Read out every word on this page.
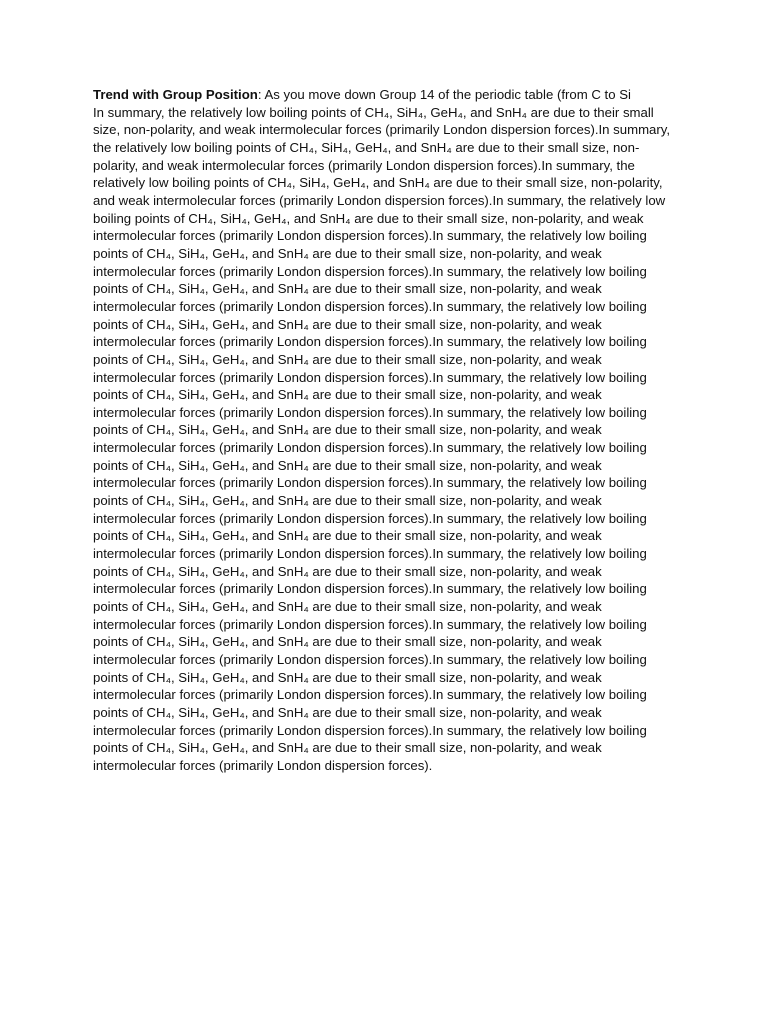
Trend with Group Position: As you move down Group 14 of the periodic table (from C to Si
In summary, the relatively low boiling points of CH₄, SiH₄, GeH₄, and SnH₄ are due to their small size, non-polarity, and weak intermolecular forces (primarily London dispersion forces).In summary, the relatively low boiling points of CH₄, SiH₄, GeH₄, and SnH₄ are due to their small size, non-polarity, and weak intermolecular forces (primarily London dispersion forces).In summary, the relatively low boiling points of CH₄, SiH₄, GeH₄, and SnH₄ are due to their small size, non-polarity, and weak intermolecular forces (primarily London dispersion forces).In summary, the relatively low boiling points of CH₄, SiH₄, GeH₄, and SnH₄ are due to their small size, non-polarity, and weak intermolecular forces (primarily London dispersion forces).In summary, the relatively low boiling points of CH₄, SiH₄, GeH₄, and SnH₄ are due to their small size, non-polarity, and weak intermolecular forces (primarily London dispersion forces).In summary, the relatively low boiling points of CH₄, SiH₄, GeH₄, and SnH₄ are due to their small size, non-polarity, and weak intermolecular forces (primarily London dispersion forces).In summary, the relatively low boiling points of CH₄, SiH₄, GeH₄, and SnH₄ are due to their small size, non-polarity, and weak intermolecular forces (primarily London dispersion forces).In summary, the relatively low boiling points of CH₄, SiH₄, GeH₄, and SnH₄ are due to their small size, non-polarity, and weak intermolecular forces (primarily London dispersion forces).In summary, the relatively low boiling points of CH₄, SiH₄, GeH₄, and SnH₄ are due to their small size, non-polarity, and weak intermolecular forces (primarily London dispersion forces).In summary, the relatively low boiling points of CH₄, SiH₄, GeH₄, and SnH₄ are due to their small size, non-polarity, and weak intermolecular forces (primarily London dispersion forces).In summary, the relatively low boiling points of CH₄, SiH₄, GeH₄, and SnH₄ are due to their small size, non-polarity, and weak intermolecular forces (primarily London dispersion forces).In summary, the relatively low boiling points of CH₄, SiH₄, GeH₄, and SnH₄ are due to their small size, non-polarity, and weak intermolecular forces (primarily London dispersion forces).In summary, the relatively low boiling points of CH₄, SiH₄, GeH₄, and SnH₄ are due to their small size, non-polarity, and weak intermolecular forces (primarily London dispersion forces).In summary, the relatively low boiling points of CH₄, SiH₄, GeH₄, and SnH₄ are due to their small size, non-polarity, and weak intermolecular forces (primarily London dispersion forces).In summary, the relatively low boiling points of CH₄, SiH₄, GeH₄, and SnH₄ are due to their small size, non-polarity, and weak intermolecular forces (primarily London dispersion forces).In summary, the relatively low boiling points of CH₄, SiH₄, GeH₄, and SnH₄ are due to their small size, non-polarity, and weak intermolecular forces (primarily London dispersion forces).In summary, the relatively low boiling points of CH₄, SiH₄, GeH₄, and SnH₄ are due to their small size, non-polarity, and weak intermolecular forces (primarily London dispersion forces).In summary, the relatively low boiling points of CH₄, SiH₄, GeH₄, and SnH₄ are due to their small size, non-polarity, and weak intermolecular forces (primarily London dispersion forces).In summary, the relatively low boiling points of CH₄, SiH₄, GeH₄, and SnH₄ are due to their small size, non-polarity, and weak intermolecular forces (primarily London dispersion forces).
